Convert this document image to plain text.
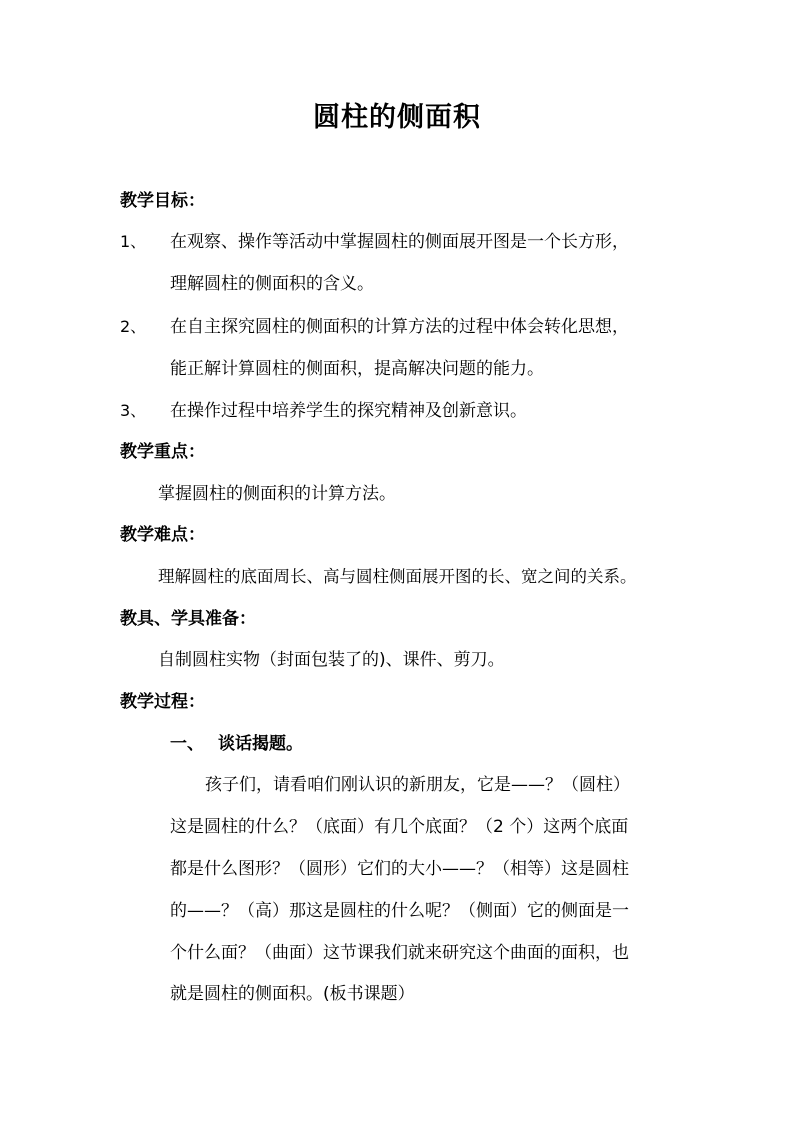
圆柱的侧面积
教学目标：
1、 在观察、操作等活动中掌握圆柱的侧面展开图是一个长方形，
理解圆柱的侧面积的含义。
2、 在自主探究圆柱的侧面积的计算方法的过程中体会转化思想，
能正解计算圆柱的侧面积，提高解决问题的能力。
3、 在操作过程中培养学生的探究精神及创新意识。
教学重点：
掌握圆柱的侧面积的计算方法。
教学难点：
理解圆柱的底面周长、高与圆柱侧面展开图的长、宽之间的关系。
教具、学具准备：
自制圆柱实物（封面包装了的)、课件、剪刀。
教学过程：
一、 谈话揭题。
孩子们，请看咱们刚认识的新朋友，它是——？（圆柱）
这是圆柱的什么？（底面）有几个底面？（2 个）这两个底面
都是什么图形？（圆形）它们的大小——？（相等）这是圆柱
的——？（高）那这是圆柱的什么呢？（侧面）它的侧面是一
个什么面？（曲面）这节课我们就来研究这个曲面的面积，也
就是圆柱的侧面积。(板书课题）
